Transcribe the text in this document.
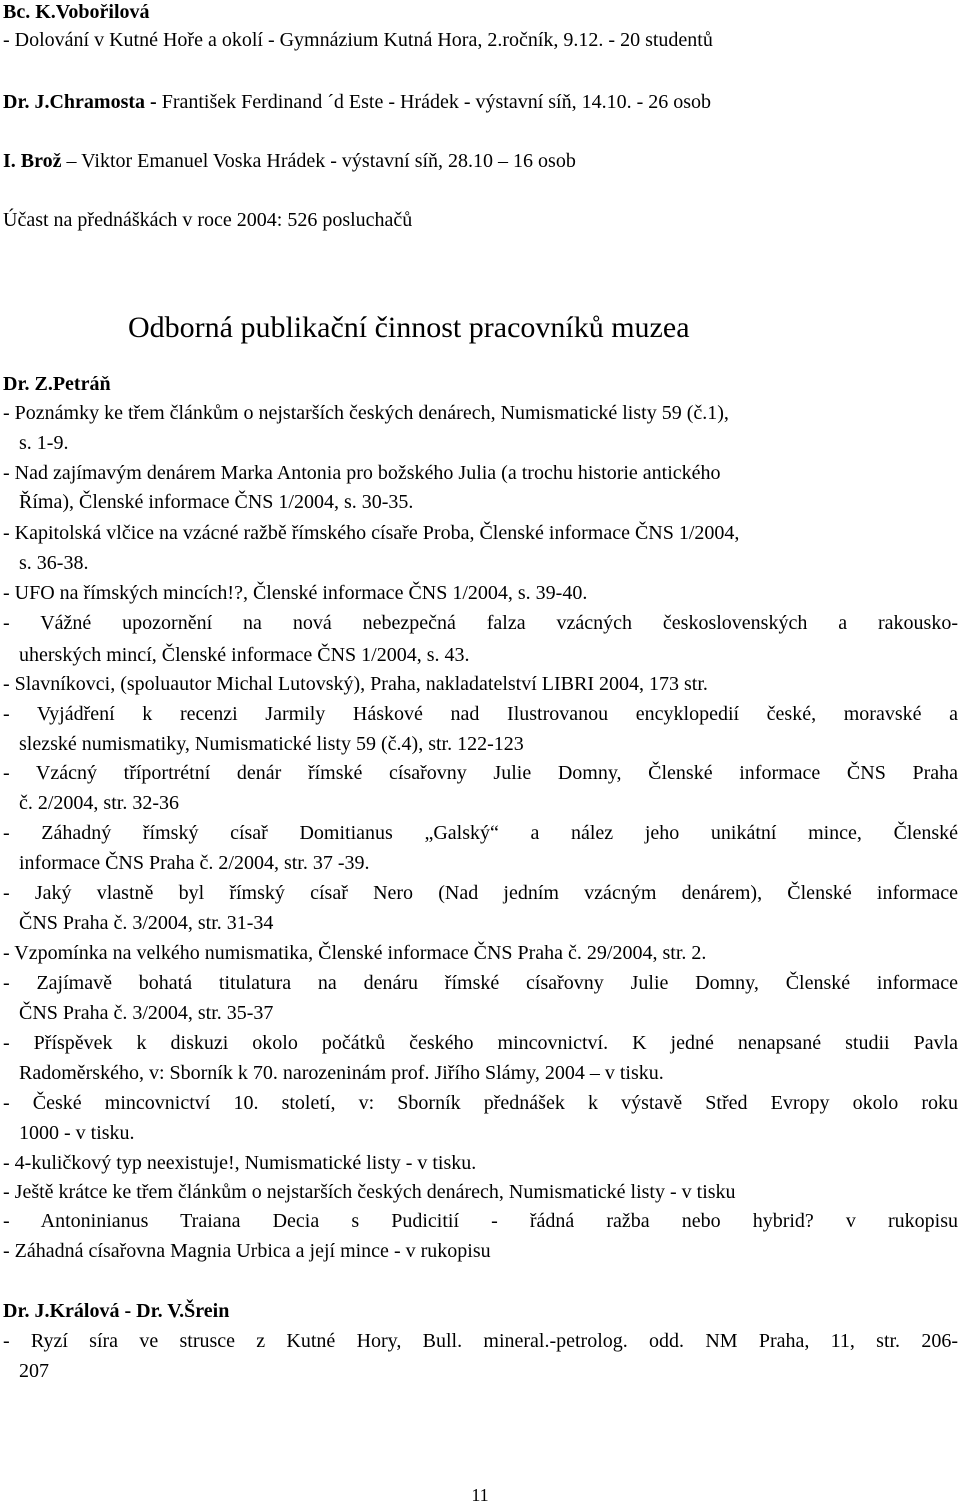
Bc. K.Vobořilová
- Dolování v Kutné Hoře a okolí - Gymnázium Kutná Hora, 2.ročník, 9.12. - 20 studentů
Dr. J.Chramosta - František Ferdinand ´d Este - Hrádek - výstavní síň, 14.10. - 26 osob
I. Brož – Viktor Emanuel Voska Hrádek - výstavní síň, 28.10 – 16 osob
Účast na přednáškách v roce 2004: 526 posluchačů
Odborná publikační činnost pracovníků muzea
Dr. Z.Petráň
- Poznámky ke třem článkům o nejstarších českých denárech, Numismatické listy 59 (č.1),
s. 1-9.
- Nad zajímavým denárem Marka Antonia pro božského Julia (a trochu historie antického
Říma), Členské informace ČNS 1/2004, s. 30-35.
- Kapitolská vlčice na vzácné ražbě římského císaře Proba, Členské informace ČNS 1/2004,
s. 36-38.
- UFO na římských mincích!?, Členské informace ČNS 1/2004, s. 39-40.
- Vážné upozornění na nová nebezpečná falza vzácných československých a rakousko-
uherských mincí, Členské informace ČNS 1/2004, s. 43.
- Slavníkovci, (spoluautor Michal Lutovský), Praha, nakladatelství LIBRI 2004, 173 str.
- Vyjádření k recenzi Jarmily Háskové nad Ilustrovanou encyklopedií české, moravské a
slezské numismatiky, Numismatické listy 59 (č.4), str. 122-123
- Vzácný tříportrétní denár římské císařovny Julie Domny, Členské informace ČNS Praha
č. 2/2004, str. 32-36
- Záhadný římský císař Domitianus „Galský“ a nález jeho unikátní mince, Členské
informace ČNS Praha č. 2/2004, str. 37 -39.
- Jaký vlastně byl římský císař Nero (Nad jedním vzácným denárem), Členské informace
ČNS Praha č. 3/2004, str. 31-34
- Vzpomínka na velkého numismatika, Členské informace ČNS Praha č. 29/2004, str. 2.
- Zajímavě bohatá titulatura na denáru římské císařovny Julie Domny, Členské informace
ČNS Praha č. 3/2004, str. 35-37
- Příspěvek k diskuzi okolo počátků českého mincovnictví. K jedné nenapsané studii Pavla
Radoměrského, v: Sborník k 70. narozeninám prof. Jiřího Slámy, 2004 – v tisku.
- České mincovnictví 10. století, v: Sborník přednášek k výstavě Střed Evropy okolo roku
1000 - v tisku.
- 4-kuličkový typ neexistuje!, Numismatické listy - v tisku.
- Ještě krátce ke třem článkům o nejstarších českých denárech, Numismatické listy - v tisku
- Antoninianus Traiana Decia s Pudicitií - řádná ražba nebo hybrid? v rukopisu
- Záhadná císařovna Magnia Urbica a její mince - v rukopisu
Dr. J.Králová - Dr. V.Šrein
- Ryzí síra ve strusce z Kutné Hory, Bull. mineral.-petrolog. odd. NM Praha, 11, str. 206-
207
11
